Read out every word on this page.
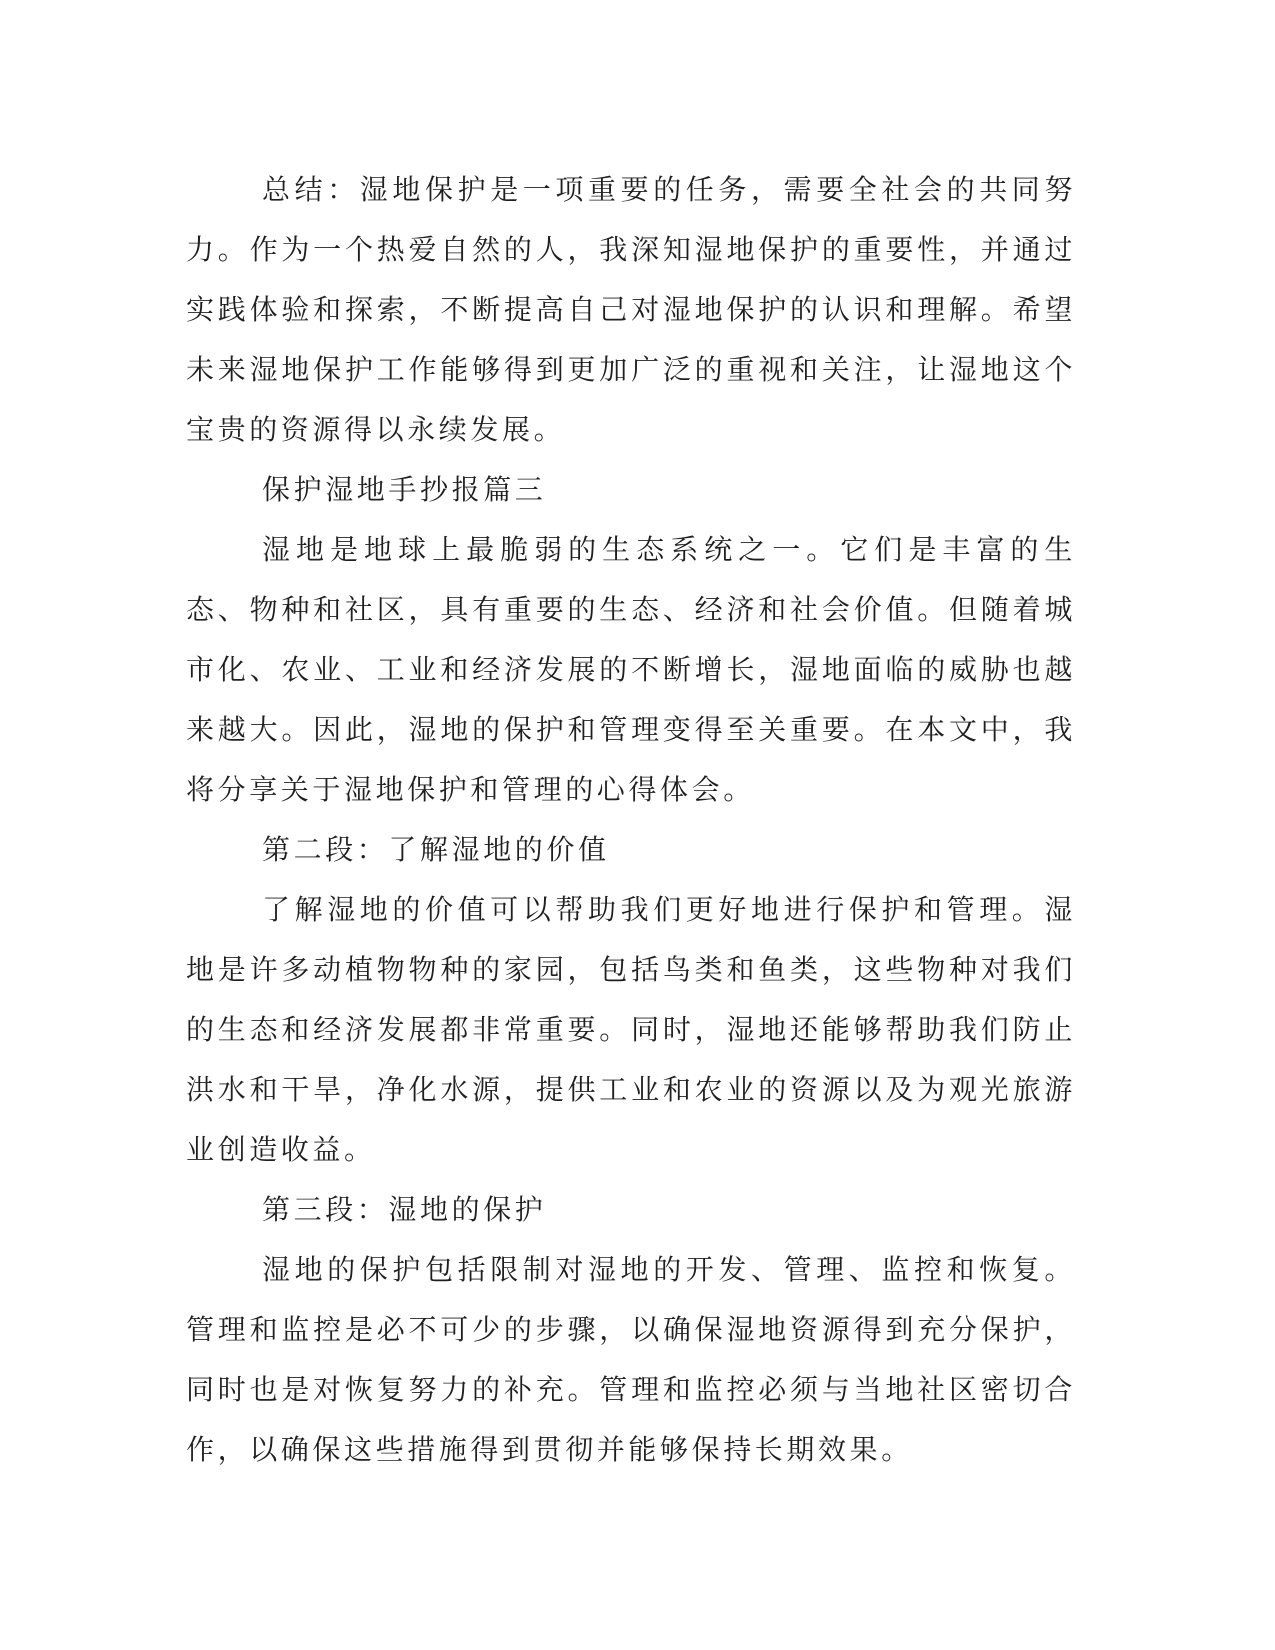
总结：湿地保护是一项重要的任务，需要全社会的共同努力。作为一个热爱自然的人，我深知湿地保护的重要性，并通过实践体验和探索，不断提高自己对湿地保护的认识和理解。希望未来湿地保护工作能够得到更加广泛的重视和关注，让湿地这个宝贵的资源得以永续发展。

保护湿地手抄报篇三

湿地是地球上最脆弱的生态系统之一。它们是丰富的生态、物种和社区，具有重要的生态、经济和社会价值。但随着城市化、农业、工业和经济发展的不断增长，湿地面临的威胁也越来越大。因此，湿地的保护和管理变得至关重要。在本文中，我将分享关于湿地保护和管理的心得体会。

第二段：了解湿地的价值

了解湿地的价值可以帮助我们更好地进行保护和管理。湿地是许多动植物物种的家园，包括鸟类和鱼类，这些物种对我们的生态和经济发展都非常重要。同时，湿地还能够帮助我们防止洪水和干旱，净化水源，提供工业和农业的资源以及为观光旅游业创造收益。

第三段：湿地的保护

湿地的保护包括限制对湿地的开发、管理、监控和恢复。管理和监控是必不可少的步骤，以确保湿地资源得到充分保护，同时也是对恢复努力的补充。管理和监控必须与当地社区密切合作，以确保这些措施得到贯彻并能够保持长期效果。
